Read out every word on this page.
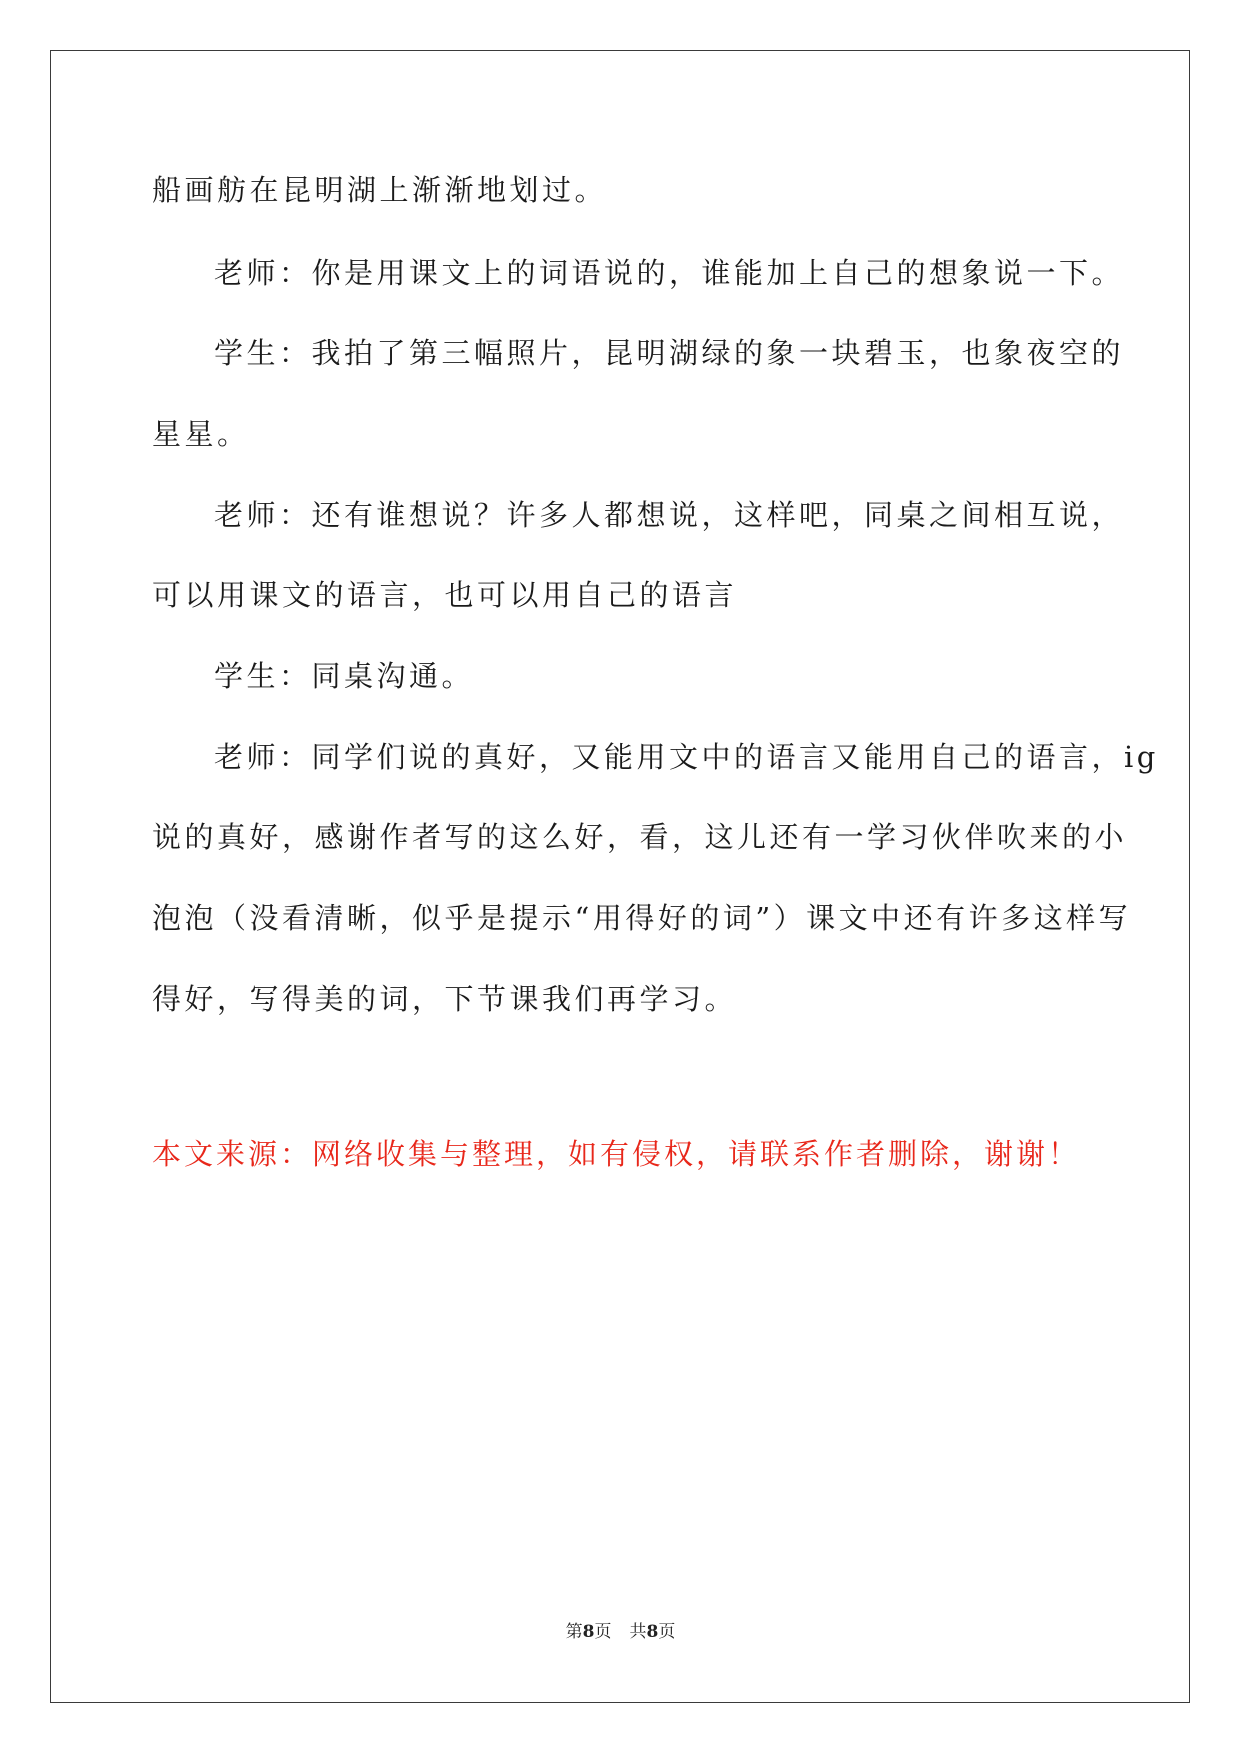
船画舫在昆明湖上渐渐地划过。

老师：你是用课文上的词语说的，谁能加上自己的想象说一下。

学生：我拍了第三幅照片，昆明湖绿的象一块碧玉，也象夜空的

星星。

老师：还有谁想说？许多人都想说，这样吧，同桌之间相互说，

可以用课文的语言，也可以用自己的语言

学生：同桌沟通。

老师：同学们说的真好，又能用文中的语言又能用自己的语言，ig

说的真好，感谢作者写的这么好，看，这儿还有一学习伙伴吹来的小

泡泡（没看清晰，似乎是提示“用得好的词”）课文中还有许多这样写

得好，写得美的词，下节课我们再学习。

本文来源：网络收集与整理，如有侵权，请联系作者删除，谢谢！

第8页 共8页
